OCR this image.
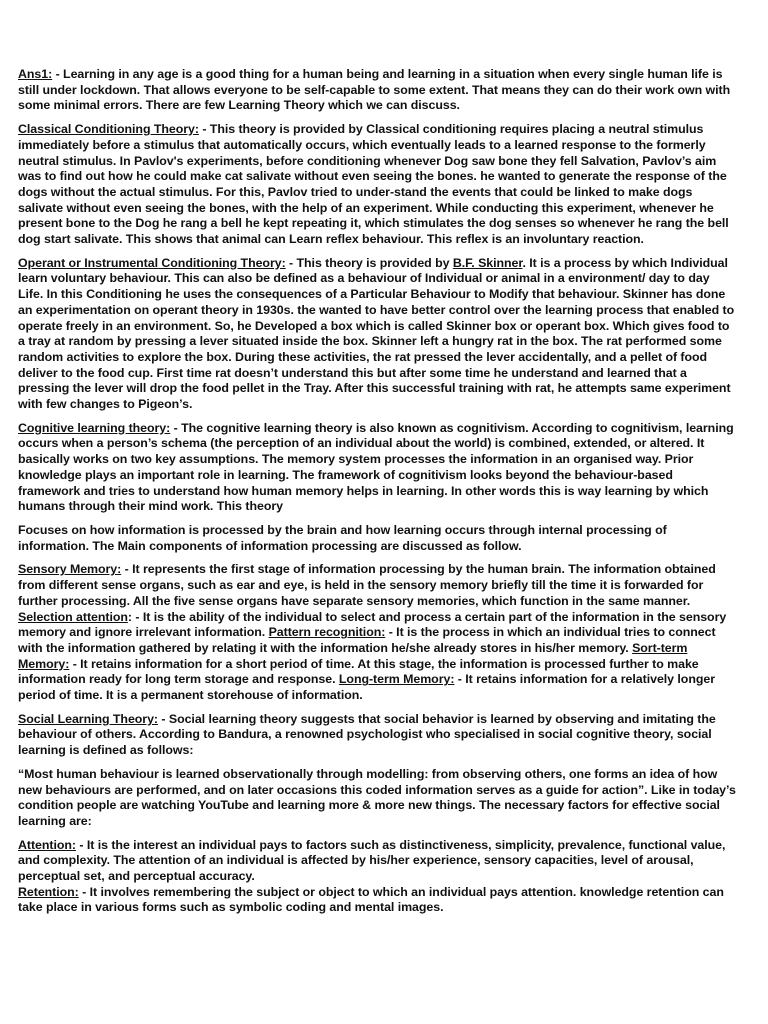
Ans1: - Learning in any age is a good thing for a human being and learning in a situation when every single human life is still under lockdown. That allows everyone to be self-capable to some extent. That means they can do their work own with some minimal errors. There are few Learning Theory which we can discuss.

Classical Conditioning Theory: - This theory is provided by Classical conditioning requires placing a neutral stimulus immediately before a stimulus that automatically occurs, which eventually leads to a learned response to the formerly neutral stimulus. In Pavlov's experiments, before conditioning whenever Dog saw bone they fell Salvation, Pavlov’s aim was to find out how he could make cat salivate without even seeing the bones. he wanted to generate the response of the dogs without the actual stimulus. For this, Pavlov tried to under-stand the events that could be linked to make dogs salivate without even seeing the bones, with the help of an experiment. While conducting this experiment, whenever he present bone to the Dog he rang a bell he kept repeating it, which stimulates the dog senses so whenever he rang the bell dog start salivate. This shows that animal can Learn reflex behaviour. This reflex is an involuntary reaction.

Operant or Instrumental Conditioning Theory: - This theory is provided by B.F. Skinner. It is a process by which Individual learn voluntary behaviour. This can also be defined as a behaviour of Individual or animal in a environment/ day to day Life. In this Conditioning he uses the consequences of a Particular Behaviour to Modify that behaviour. Skinner has done an experimentation on operant theory in 1930s. the wanted to have better control over the learning process that enabled to operate freely in an environment. So, he Developed a box which is called Skinner box or operant box. Which gives food to a tray at random by pressing a lever situated inside the box. Skinner left a hungry rat in the box. The rat performed some random activities to explore the box. During these activities, the rat pressed the lever accidentally, and a pellet of food deliver to the food cup. First time rat doesn’t understand this but after some time he understand and learned that a pressing the lever will drop the food pellet in the Tray. After this successful training with rat, he attempts same experiment with few changes to Pigeon’s.

Cognitive learning theory: - The cognitive learning theory is also known as cognitivism. According to cognitivism, learning occurs when a person’s schema (the perception of an individual about the world) is combined, extended, or altered. It basically works on two key assumptions. The memory system processes the information in an organised way. Prior knowledge plays an important role in learning. The framework of cognitivism looks beyond the behaviour-based framework and tries to understand how human memory helps in learning. In other words this is way learning by which humans through their mind work. This theory

Focuses on how information is processed by the brain and how learning occurs through internal processing of information. The Main components of information processing are discussed as follow.

Sensory Memory: - It represents the first stage of information processing by the human brain. The information obtained from different sense organs, such as ear and eye, is held in the sensory memory briefly till the time it is forwarded for further processing. All the five sense organs have separate sensory memories, which function in the same manner. Selection attention: - It is the ability of the individual to select and process a certain part of the information in the sensory memory and ignore irrelevant information. Pattern recognition: - It is the process in which an individual tries to connect with the information gathered by relating it with the information he/she already stores in his/her memory. Sort-term Memory: - It retains information for a short period of time. At this stage, the information is processed further to make information ready for long term storage and response. Long-term Memory: - It retains information for a relatively longer period of time. It is a permanent storehouse of information.

Social Learning Theory: - Social learning theory suggests that social behavior is learned by observing and imitating the behaviour of others. According to Bandura, a renowned psychologist who specialised in social cognitive theory, social learning is defined as follows:

“Most human behaviour is learned observationally through modelling: from observing others, one forms an idea of how new behaviours are performed, and on later occasions this coded information serves as a guide for action”. Like in today’s condition people are watching YouTube and learning more & more new things. The necessary factors for effective social learning are:

Attention: - It is the interest an individual pays to factors such as distinctiveness, simplicity, prevalence, functional value, and complexity. The attention of an individual is affected by his/her experience, sensory capacities, level of arousal, perceptual set, and perceptual accuracy.

Retention: - It involves remembering the subject or object to which an individual pays attention. knowledge retention can take place in various forms such as symbolic coding and mental images.
